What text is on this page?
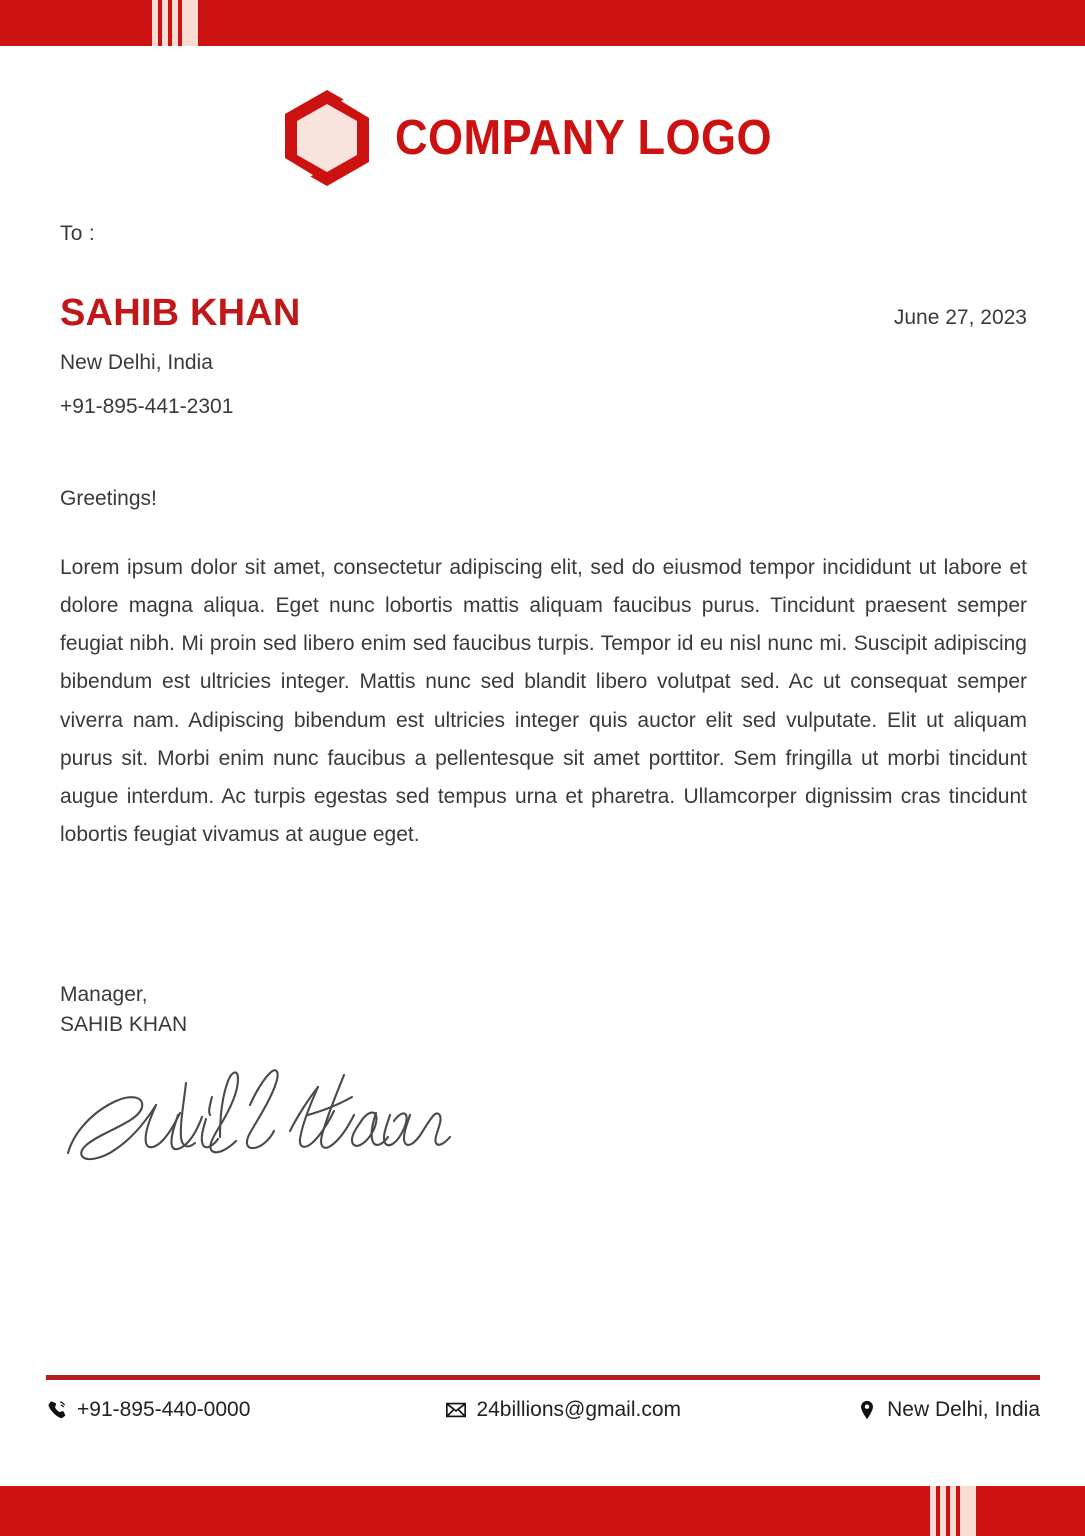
COMPANY LOGO
To :
SAHIB KHAN	June 27, 2023
New Delhi, India
+91-895-441-2301
Greetings!
Lorem ipsum dolor sit amet, consectetur adipiscing elit, sed do eiusmod tempor incididunt ut labore et dolore magna aliqua. Eget nunc lobortis mattis aliquam faucibus purus. Tincidunt praesent semper feugiat nibh. Mi proin sed libero enim sed faucibus turpis. Tempor id eu nisl nunc mi. Suscipit adipiscing bibendum est ultricies integer. Mattis nunc sed blandit libero volutpat sed. Ac ut consequat semper viverra nam. Adipiscing bibendum est ultricies integer quis auctor elit sed vulputate. Elit ut aliquam purus sit. Morbi enim nunc faucibus a pellentesque sit amet porttitor. Sem fringilla ut morbi tincidunt augue interdum. Ac turpis egestas sed tempus urna et pharetra. Ullamcorper dignissim cras tincidunt lobortis feugiat vivamus at augue eget.
Manager,
SAHIB KHAN
+91-895-440-0000	24billions@gmail.com	New Delhi, India
